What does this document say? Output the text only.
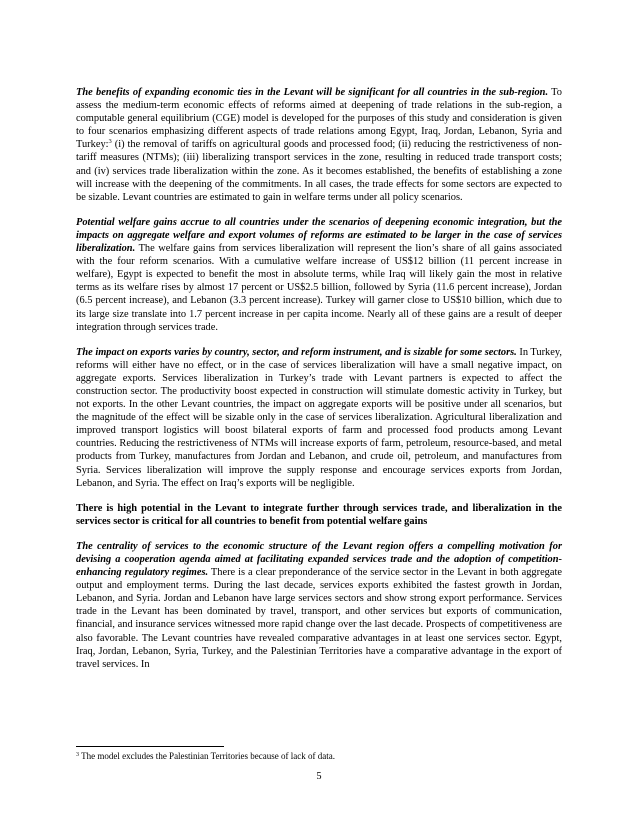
The benefits of expanding economic ties in the Levant will be significant for all countries in the sub-region. To assess the medium-term economic effects of reforms aimed at deepening of trade relations in the sub-region, a computable general equilibrium (CGE) model is developed for the purposes of this study and consideration is given to four scenarios emphasizing different aspects of trade relations among Egypt, Iraq, Jordan, Lebanon, Syria and Turkey:$^3$ (i) the removal of tariffs on agricultural goods and processed food; (ii) reducing the restrictiveness of non-tariff measures (NTMs); (iii) liberalizing transport services in the zone, resulting in reduced trade transport costs; and (iv) services trade liberalization within the zone. As it becomes established, the benefits of establishing a zone will increase with the deepening of the commitments. In all cases, the trade effects for some sectors are expected to be sizable. Levant countries are estimated to gain in welfare terms under all policy scenarios.

Potential welfare gains accrue to all countries under the scenarios of deepening economic integration, but the impacts on aggregate welfare and export volumes of reforms are estimated to be larger in the case of services liberalization. The welfare gains from services liberalization will represent the lion’s share of all gains associated with the four reform scenarios. With a cumulative welfare increase of US$12 billion (11 percent increase in welfare), Egypt is expected to benefit the most in absolute terms, while Iraq will likely gain the most in relative terms as its welfare rises by almost 17 percent or US$2.5 billion, followed by Syria (11.6 percent increase), Jordan (6.5 percent increase), and Lebanon (3.3 percent increase). Turkey will garner close to US$10 billion, which due to its large size translate into 1.7 percent increase in per capita income. Nearly all of these gains are a result of deeper integration through services trade.

The impact on exports varies by country, sector, and reform instrument, and is sizable for some sectors. In Turkey, reforms will either have no effect, or in the case of services liberalization will have a small negative impact, on aggregate exports. Services liberalization in Turkey’s trade with Levant partners is expected to affect the construction sector. The productivity boost expected in construction will stimulate domestic activity in Turkey, but not exports. In the other Levant countries, the impact on aggregate exports will be positive under all scenarios, but the magnitude of the effect will be sizable only in the case of services liberalization. Agricultural liberalization and improved transport logistics will boost bilateral exports of farm and processed food products among Levant countries. Reducing the restrictiveness of NTMs will increase exports of farm, petroleum, resource-based, and metal products from Turkey, manufactures from Jordan and Lebanon, and crude oil, petroleum, and manufactures from Syria. Services liberalization will improve the supply response and encourage services exports from Jordan, Lebanon, and Syria. The effect on Iraq’s exports will be negligible.

There is high potential in the Levant to integrate further through services trade, and liberalization in the services sector is critical for all countries to benefit from potential welfare gains

The centrality of services to the economic structure of the Levant region offers a compelling motivation for devising a cooperation agenda aimed at facilitating expanded services trade and the adoption of competition-enhancing regulatory regimes. There is a clear preponderance of the service sector in the Levant in both aggregate output and employment terms. During the last decade, services exports exhibited the fastest growth in Jordan, Lebanon, and Syria. Jordan and Lebanon have large services sectors and show strong export performance. Services trade in the Levant has been dominated by travel, transport, and other services but exports of communication, financial, and insurance services witnessed more rapid change over the last decade. Prospects of competitiveness are also favorable. The Levant countries have revealed comparative advantages in at least one services sector. Egypt, Iraq, Jordan, Lebanon, Syria, Turkey, and the Palestinian Territories have a comparative advantage in the export of travel services. In

$^3$ The model excludes the Palestinian Territories because of lack of data.
5
